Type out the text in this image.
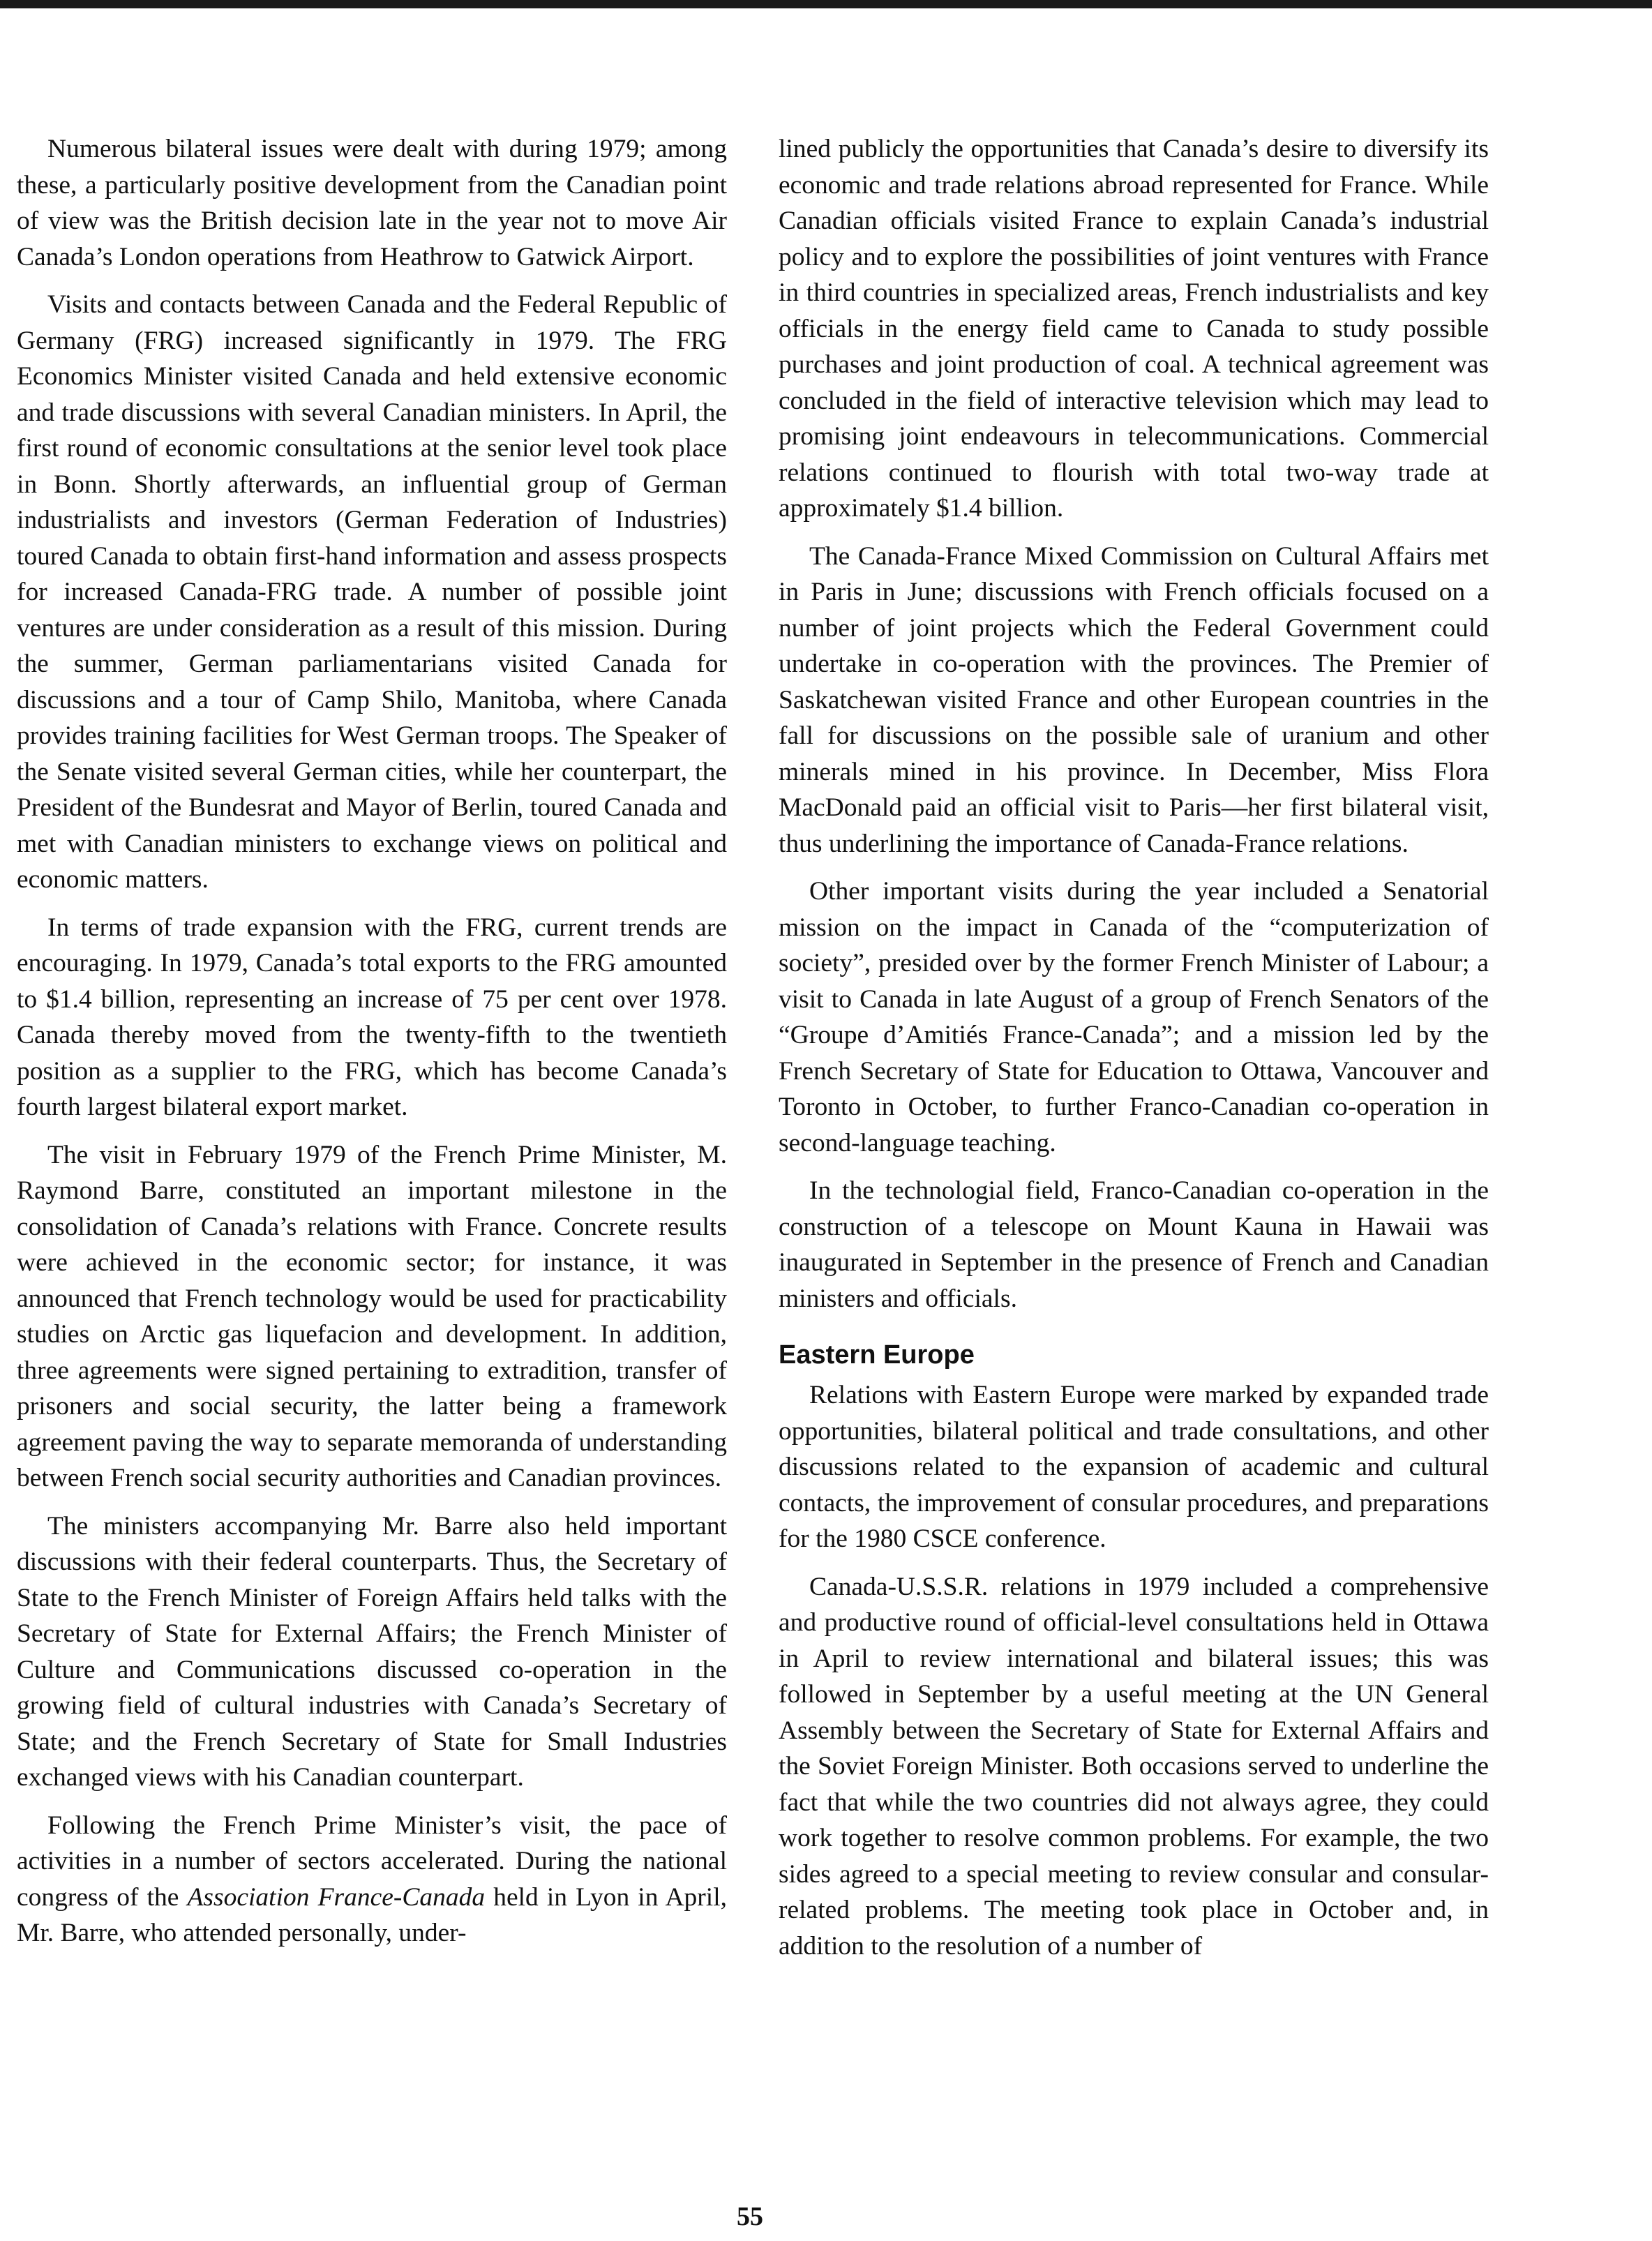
Numerous bilateral issues were dealt with during 1979; among these, a particularly positive development from the Canadian point of view was the British decision late in the year not to move Air Canada’s London operations from Heathrow to Gatwick Airport.

Visits and contacts between Canada and the Federal Republic of Germany (FRG) increased significantly in 1979. The FRG Economics Minister visited Canada and held extensive economic and trade discussions with several Canadian ministers. In April, the first round of economic consultations at the senior level took place in Bonn. Shortly afterwards, an influential group of German industrialists and investors (German Federation of Industries) toured Canada to obtain first-hand information and assess prospects for increased Canada-FRG trade. A number of possible joint ventures are under consideration as a result of this mission. During the summer, German parliamentarians visited Canada for discussions and a tour of Camp Shilo, Manitoba, where Canada provides training facilities for West German troops. The Speaker of the Senate visited several German cities, while her counterpart, the President of the Bundesrat and Mayor of Berlin, toured Canada and met with Canadian ministers to exchange views on political and economic matters.

In terms of trade expansion with the FRG, current trends are encouraging. In 1979, Canada’s total exports to the FRG amounted to $1.4 billion, representing an increase of 75 per cent over 1978. Canada thereby moved from the twenty-fifth to the twentieth position as a supplier to the FRG, which has become Canada’s fourth largest bilateral export market.

The visit in February 1979 of the French Prime Minister, M. Raymond Barre, constituted an important milestone in the consolidation of Canada’s relations with France. Concrete results were achieved in the economic sector; for instance, it was announced that French technology would be used for practicability studies on Arctic gas liquefacion and development. In addition, three agreements were signed pertaining to extradition, transfer of prisoners and social security, the latter being a framework agreement paving the way to separate memoranda of understanding between French social security authorities and Canadian provinces.

The ministers accompanying Mr. Barre also held important discussions with their federal counterparts. Thus, the Secretary of State to the French Minister of Foreign Affairs held talks with the Secretary of State for External Affairs; the French Minister of Culture and Communications discussed co-operation in the growing field of cultural industries with Canada’s Secretary of State; and the French Secretary of State for Small Industries exchanged views with his Canadian counterpart.

Following the French Prime Minister’s visit, the pace of activities in a number of sectors accelerated. During the national congress of the Association France-Canada held in Lyon in April, Mr. Barre, who attended personally, under-

lined publicly the opportunities that Canada’s desire to diversify its economic and trade relations abroad represented for France. While Canadian officials visited France to explain Canada’s industrial policy and to explore the possibilities of joint ventures with France in third countries in specialized areas, French industrialists and key officials in the energy field came to Canada to study possible purchases and joint production of coal. A technical agreement was concluded in the field of interactive television which may lead to promising joint endeavours in telecommunications. Commercial relations continued to flourish with total two-way trade at approximately $1.4 billion.

The Canada-France Mixed Commission on Cultural Affairs met in Paris in June; discussions with French officials focused on a number of joint projects which the Federal Government could undertake in co-operation with the provinces. The Premier of Saskatchewan visited France and other European countries in the fall for discussions on the possible sale of uranium and other minerals mined in his province. In December, Miss Flora MacDonald paid an official visit to Paris—her first bilateral visit, thus underlining the importance of Canada-France relations.

Other important visits during the year included a Senatorial mission on the impact in Canada of the “computerization of society”, presided over by the former French Minister of Labour; a visit to Canada in late August of a group of French Senators of the “Groupe d’Amitiés France-Canada”; and a mission led by the French Secretary of State for Education to Ottawa, Vancouver and Toronto in October, to further Franco-Canadian co-operation in second-language teaching.

In the technologial field, Franco-Canadian co-operation in the construction of a telescope on Mount Kauna in Hawaii was inaugurated in September in the presence of French and Canadian ministers and officials.

Eastern Europe

Relations with Eastern Europe were marked by expanded trade opportunities, bilateral political and trade consultations, and other discussions related to the expansion of academic and cultural contacts, the improvement of consular procedures, and preparations for the 1980 CSCE conference.

Canada-U.S.S.R. relations in 1979 included a comprehensive and productive round of official-level consultations held in Ottawa in April to review international and bilateral issues; this was followed in September by a useful meeting at the UN General Assembly between the Secretary of State for External Affairs and the Soviet Foreign Minister. Both occasions served to underline the fact that while the two countries did not always agree, they could work together to resolve common problems. For example, the two sides agreed to a special meeting to review consular and consular-related problems. The meeting took place in October and, in addition to the resolution of a number of

55
